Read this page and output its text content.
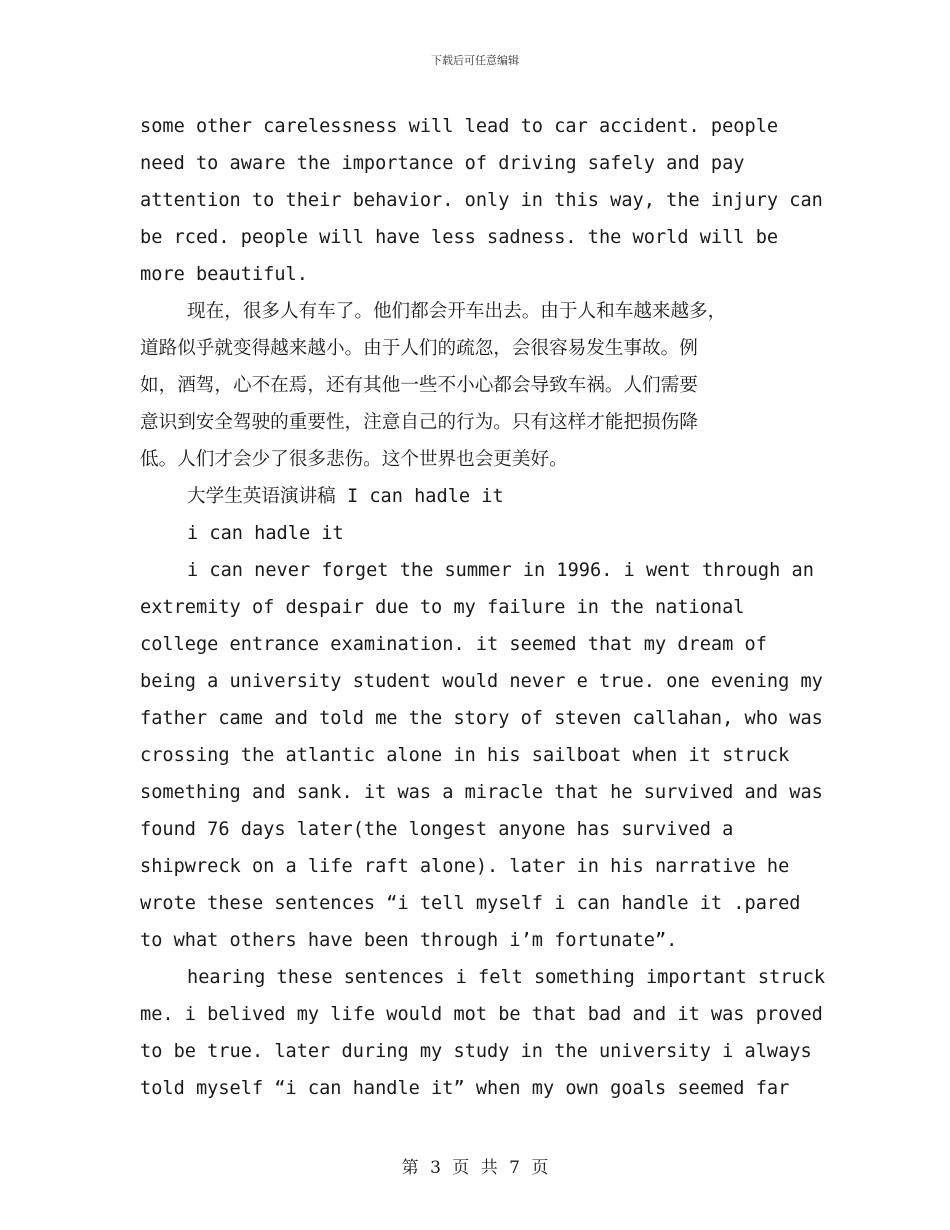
下载后可任意编辑
some other carelessness will lead to car accident. people
need to aware the importance of driving safely and pay
attention to their behavior. only in this way, the injury can
be rced. people will have less sadness. the world will be
more beautiful.
现在，很多人有车了。他们都会开车出去。由于人和车越来越多，
道路似乎就变得越来越小。由于人们的疏忽，会很容易发生事故。例
如，酒驾，心不在焉，还有其他一些不小心都会导致车祸。人们需要
意识到安全驾驶的重要性，注意自己的行为。只有这样才能把损伤降
低。人们才会少了很多悲伤。这个世界也会更美好。
大学生英语演讲稿 I can hadle it
i can hadle it
i can never forget the summer in 1996. i went through an
extremity of despair due to my failure in the national
college entrance examination. it seemed that my dream of
being a university student would never e true. one evening my
father came and told me the story of steven callahan, who was
crossing the atlantic alone in his sailboat when it struck
something and sank. it was a miracle that he survived and was
found 76 days later(the longest anyone has survived a
shipwreck on a life raft alone). later in his narrative he
wrote these sentences “i tell myself i can handle it .pared
to what others have been through i’m fortunate”.
hearing these sentences i felt something important struck
me. i belived my life would mot be that bad and it was proved
to be true. later during my study in the university i always
told myself “i can handle it” when my own goals seemed far
第 3 页 共 7 页
